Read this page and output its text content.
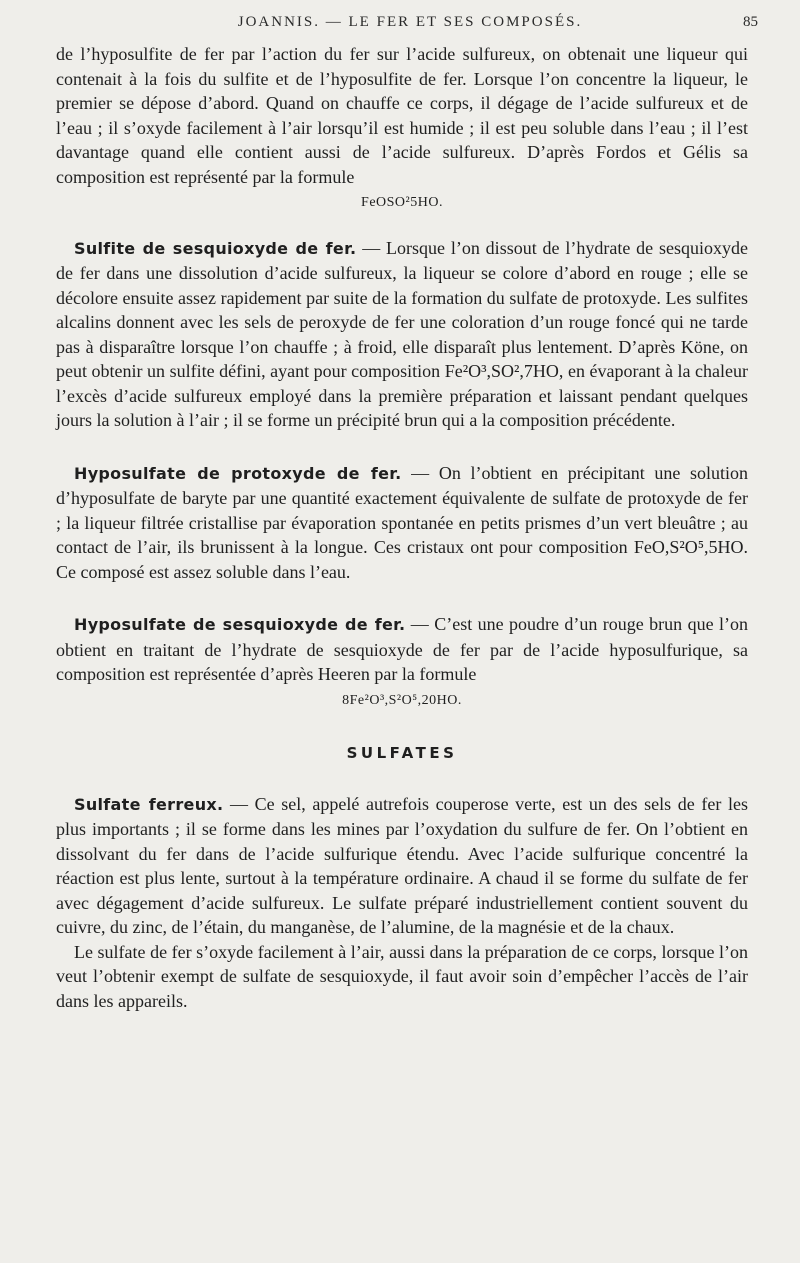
JOANNIS. — LE FER ET SES COMPOSÉS.	85

de l’hyposulfite de fer par l’action du fer sur l’acide sulfureux, on obtenait une liqueur qui contenait à la fois du sulfite et de l’hyposulfite de fer. Lorsque l’on concentre la liqueur, le premier se dépose d’abord. Quand on chauffe ce corps, il dégage de l’acide sulfureux et de l’eau ; il s’oxyde facilement à l’air lorsqu’il est humide ; il est peu soluble dans l’eau ; il l’est davantage quand elle contient aussi de l’acide sulfureux. D’après Fordos et Gélis sa composition est représenté par la formule

FeOSO²5HO.

Sulfite de sesquioxyde de fer. — Lorsque l’on dissout de l’hydrate de sesquioxyde de fer dans une dissolution d’acide sulfureux, la liqueur se colore d’abord en rouge ; elle se décolore ensuite assez rapidement par suite de la formation du sulfate de protoxyde. Les sulfites alcalins donnent avec les sels de peroxyde de fer une coloration d’un rouge foncé qui ne tarde pas à disparaître lorsque l’on chauffe ; à froid, elle disparaît plus lentement. D’après Köne, on peut obtenir un sulfite défini, ayant pour composition Fe²O³,SO²,7HO, en évaporant à la chaleur l’excès d’acide sulfureux employé dans la première préparation et laissant pendant quelques jours la solution à l’air ; il se forme un précipité brun qui a la composition précédente.

Hyposulfate de protoxyde de fer. — On l’obtient en précipitant une solution d’hyposulfate de baryte par une quantité exactement équivalente de sulfate de protoxyde de fer ; la liqueur filtrée cristallise par évaporation spontanée en petits prismes d’un vert bleuâtre ; au contact de l’air, ils brunissent à la longue. Ces cristaux ont pour composition FeO,S²O⁵,5HO. Ce composé est assez soluble dans l’eau.

Hyposulfate de sesquioxyde de fer. — C’est une poudre d’un rouge brun que l’on obtient en traitant de l’hydrate de sesquioxyde de fer par de l’acide hyposulfurique, sa composition est représentée d’après Heeren par la formule

8Fe²O³,S²O⁵,20HO.

SULFATES

Sulfate ferreux. — Ce sel, appelé autrefois couperose verte, est un des sels de fer les plus importants ; il se forme dans les mines par l’oxydation du sulfure de fer. On l’obtient en dissolvant du fer dans de l’acide sulfurique étendu. Avec l’acide sulfurique concentré la réaction est plus lente, surtout à la température ordinaire. A chaud il se forme du sulfate de fer avec dégagement d’acide sulfureux. Le sulfate préparé industriellement contient souvent du cuivre, du zinc, de l’étain, du manganèse, de l’alumine, de la magnésie et de la chaux.

Le sulfate de fer s’oxyde facilement à l’air, aussi dans la préparation de ce corps, lorsque l’on veut l’obtenir exempt de sulfate de sesquioxyde, il faut avoir soin d’empêcher l’accès de l’air dans les appareils.
